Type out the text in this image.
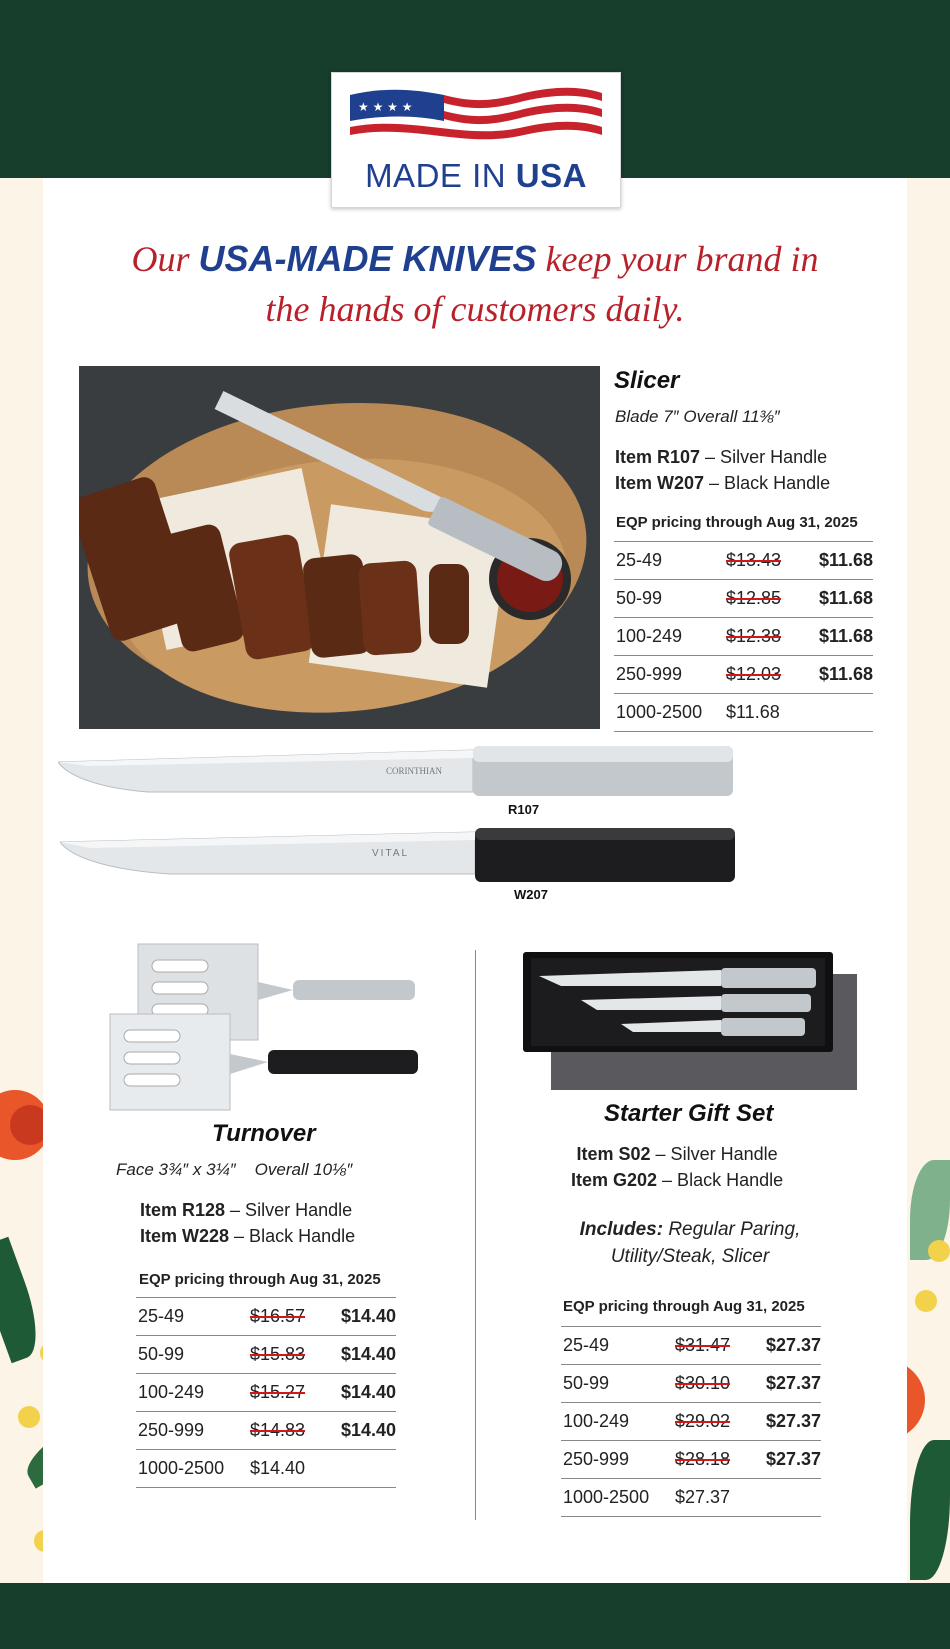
★ ★ ★ ★
MADE IN USA
Our USA-MADE KNIVES keep your brand in
the hands of customers daily.
Slicer
Blade 7″ Overall 11⅜″
Item R107 – Silver Handle
Item W207 – Black Handle
EQP pricing through Aug 31, 2025
25-49	$13.43	$11.68
50-99	$12.85	$11.68
100-249	$12.38	$11.68
250-999	$12.03	$11.68
1000-2500	$11.68	
CORINTHIAN
R107
VITAL
W207
Turnover
Face 3¾″ x 3¼″    Overall 10⅛″
Item R128 – Silver Handle
Item W228 – Black Handle
EQP pricing through Aug 31, 2025
25-49	$16.57	$14.40
50-99	$15.83	$14.40
100-249	$15.27	$14.40
250-999	$14.83	$14.40
1000-2500	$14.40	
Starter Gift Set
Item S02 – Silver Handle
Item G202 – Black Handle
Includes: Regular Paring,
Utility/Steak, Slicer
EQP pricing through Aug 31, 2025
25-49	$31.47	$27.37
50-99	$30.10	$27.37
100-249	$29.02	$27.37
250-999	$28.18	$27.37
1000-2500	$27.37	
